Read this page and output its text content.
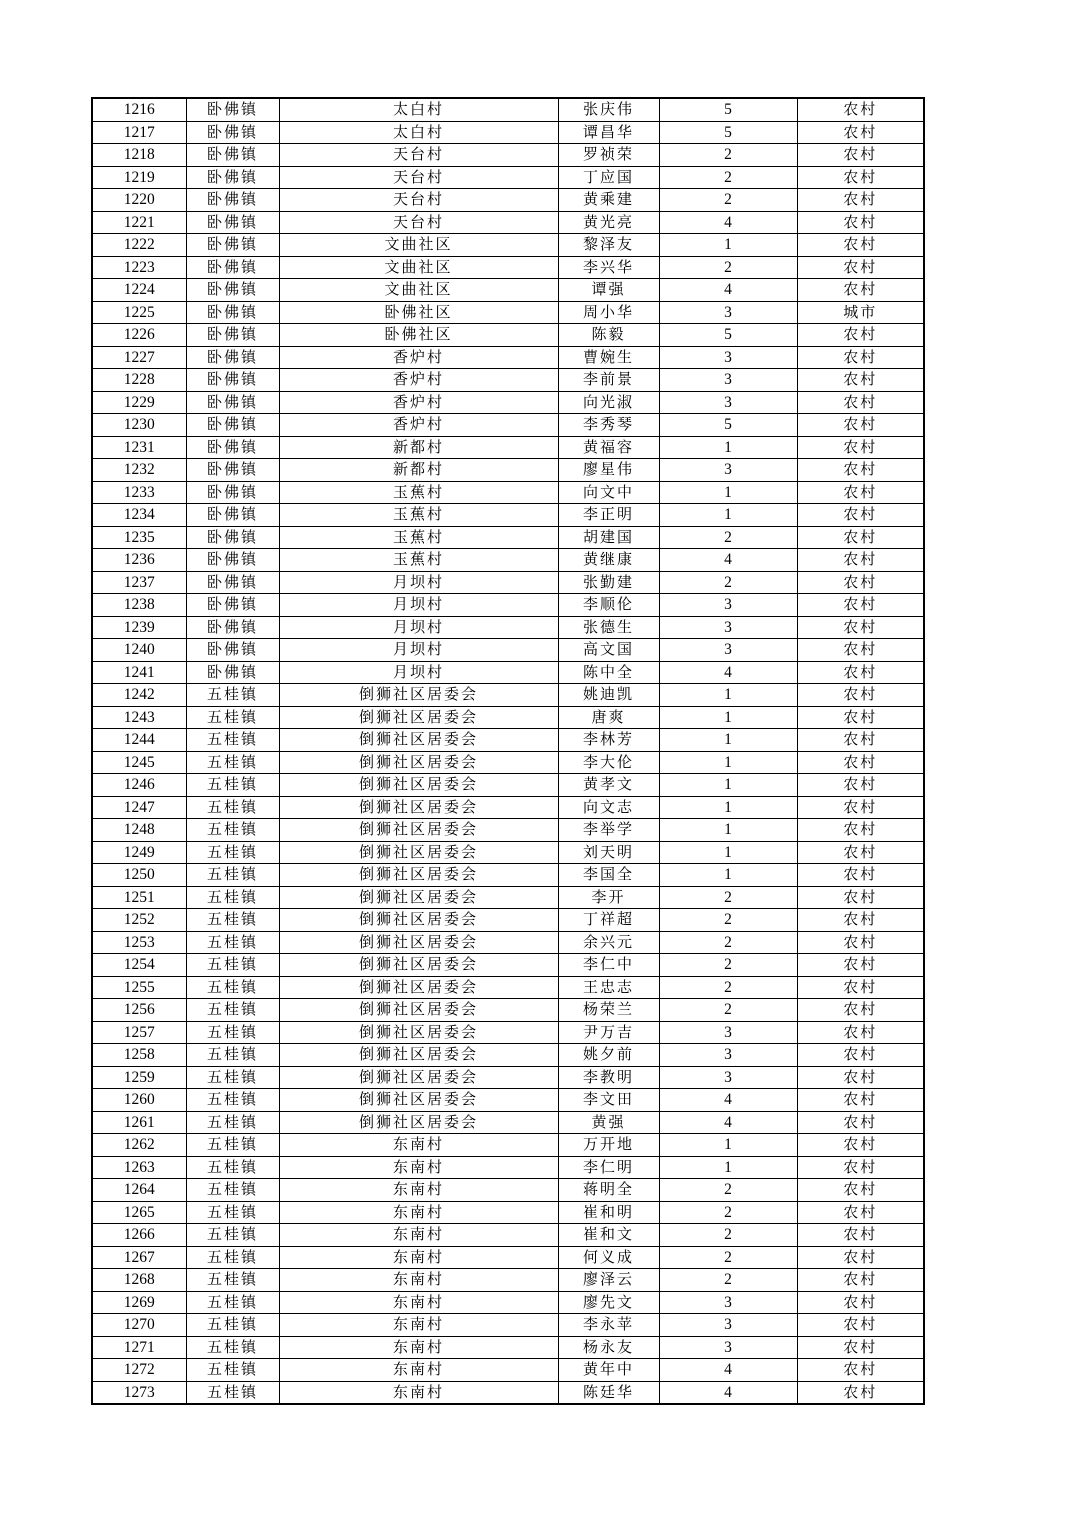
1216	卧佛镇	太白村	张庆伟	5	农村
1217	卧佛镇	太白村	谭昌华	5	农村
1218	卧佛镇	天台村	罗祯荣	2	农村
1219	卧佛镇	天台村	丁应国	2	农村
1220	卧佛镇	天台村	黄乘建	2	农村
1221	卧佛镇	天台村	黄光亮	4	农村
1222	卧佛镇	文曲社区	黎泽友	1	农村
1223	卧佛镇	文曲社区	李兴华	2	农村
1224	卧佛镇	文曲社区	谭强	4	农村
1225	卧佛镇	卧佛社区	周小华	3	城市
1226	卧佛镇	卧佛社区	陈毅	5	农村
1227	卧佛镇	香炉村	曹婉生	3	农村
1228	卧佛镇	香炉村	李前景	3	农村
1229	卧佛镇	香炉村	向光淑	3	农村
1230	卧佛镇	香炉村	李秀琴	5	农村
1231	卧佛镇	新都村	黄福容	1	农村
1232	卧佛镇	新都村	廖星伟	3	农村
1233	卧佛镇	玉蕉村	向文中	1	农村
1234	卧佛镇	玉蕉村	李正明	1	农村
1235	卧佛镇	玉蕉村	胡建国	2	农村
1236	卧佛镇	玉蕉村	黄继康	4	农村
1237	卧佛镇	月坝村	张勤建	2	农村
1238	卧佛镇	月坝村	李顺伦	3	农村
1239	卧佛镇	月坝村	张德生	3	农村
1240	卧佛镇	月坝村	高文国	3	农村
1241	卧佛镇	月坝村	陈中全	4	农村
1242	五桂镇	倒狮社区居委会	姚迪凯	1	农村
1243	五桂镇	倒狮社区居委会	唐爽	1	农村
1244	五桂镇	倒狮社区居委会	李林芳	1	农村
1245	五桂镇	倒狮社区居委会	李大伦	1	农村
1246	五桂镇	倒狮社区居委会	黄孝文	1	农村
1247	五桂镇	倒狮社区居委会	向文志	1	农村
1248	五桂镇	倒狮社区居委会	李举学	1	农村
1249	五桂镇	倒狮社区居委会	刘天明	1	农村
1250	五桂镇	倒狮社区居委会	李国全	1	农村
1251	五桂镇	倒狮社区居委会	李开	2	农村
1252	五桂镇	倒狮社区居委会	丁祥超	2	农村
1253	五桂镇	倒狮社区居委会	余兴元	2	农村
1254	五桂镇	倒狮社区居委会	李仁中	2	农村
1255	五桂镇	倒狮社区居委会	王忠志	2	农村
1256	五桂镇	倒狮社区居委会	杨荣兰	2	农村
1257	五桂镇	倒狮社区居委会	尹万吉	3	农村
1258	五桂镇	倒狮社区居委会	姚夕前	3	农村
1259	五桂镇	倒狮社区居委会	李教明	3	农村
1260	五桂镇	倒狮社区居委会	李文田	4	农村
1261	五桂镇	倒狮社区居委会	黄强	4	农村
1262	五桂镇	东南村	万开地	1	农村
1263	五桂镇	东南村	李仁明	1	农村
1264	五桂镇	东南村	蒋明全	2	农村
1265	五桂镇	东南村	崔和明	2	农村
1266	五桂镇	东南村	崔和文	2	农村
1267	五桂镇	东南村	何义成	2	农村
1268	五桂镇	东南村	廖泽云	2	农村
1269	五桂镇	东南村	廖先文	3	农村
1270	五桂镇	东南村	李永苹	3	农村
1271	五桂镇	东南村	杨永友	3	农村
1272	五桂镇	东南村	黄年中	4	农村
1273	五桂镇	东南村	陈廷华	4	农村
